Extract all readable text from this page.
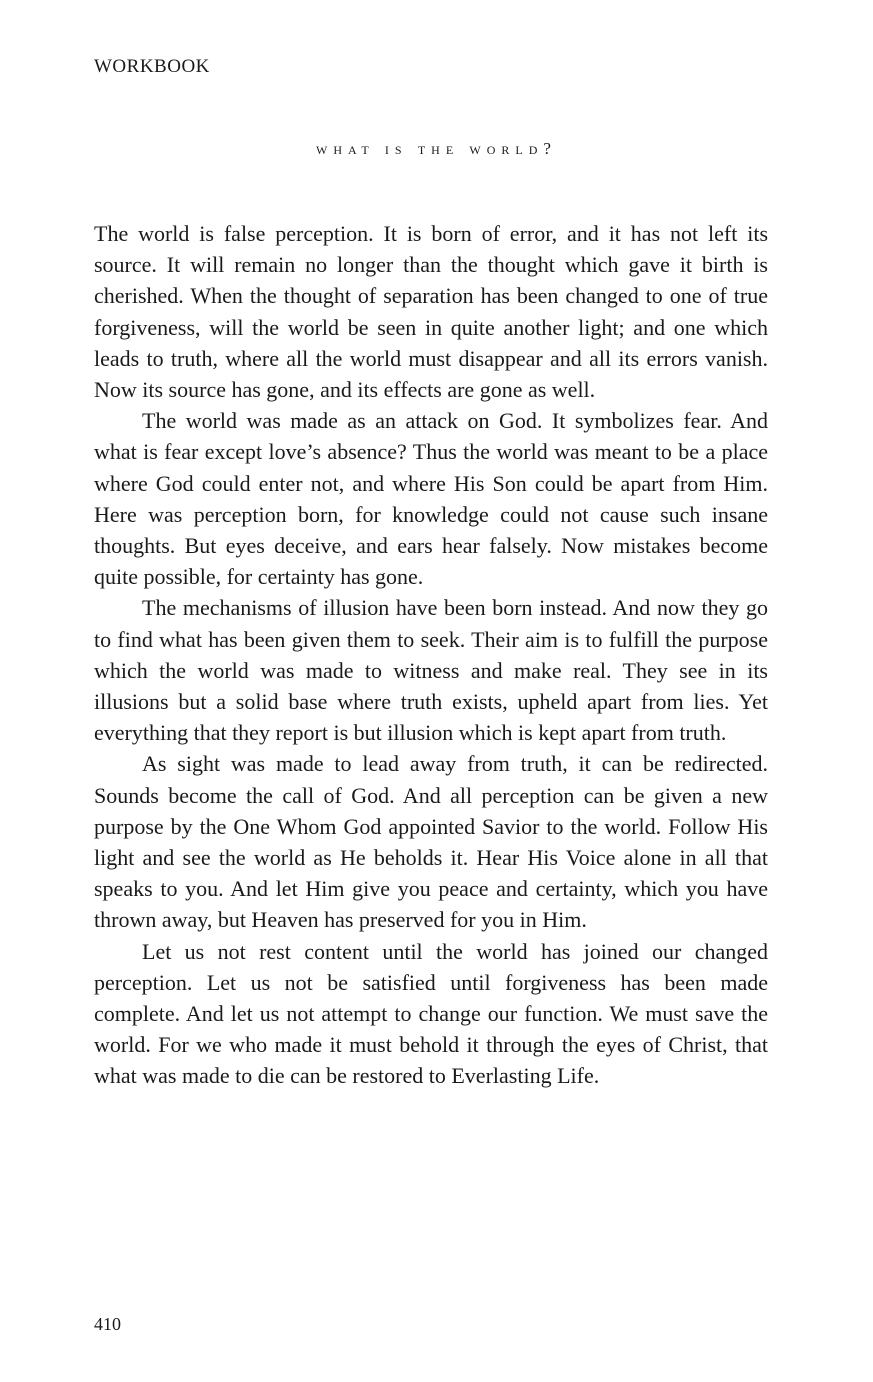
WORKBOOK
what is the world?

The world is false perception. It is born of error, and it has not left its source. It will remain no longer than the thought which gave it birth is cherished. When the thought of separation has been changed to one of true forgiveness, will the world be seen in quite another light; and one which leads to truth, where all the world must disappear and all its errors vanish. Now its source has gone, and its effects are gone as well.

The world was made as an attack on God. It symbolizes fear. And what is fear except love’s absence? Thus the world was meant to be a place where God could enter not, and where His Son could be apart from Him. Here was perception born, for knowledge could not cause such insane thoughts. But eyes deceive, and ears hear falsely. Now mistakes become quite possible, for certainty has gone.

The mechanisms of illusion have been born instead. And now they go to find what has been given them to seek. Their aim is to fulfill the purpose which the world was made to witness and make real. They see in its illusions but a solid base where truth exists, upheld apart from lies. Yet everything that they report is but illusion which is kept apart from truth.

As sight was made to lead away from truth, it can be redirected. Sounds become the call of God. And all perception can be given a new purpose by the One Whom God appointed Savior to the world. Follow His light and see the world as He beholds it. Hear His Voice alone in all that speaks to you. And let Him give you peace and certainty, which you have thrown away, but Heaven has preserved for you in Him.

Let us not rest content until the world has joined our changed perception. Let us not be satisfied until forgiveness has been made complete. And let us not attempt to change our function. We must save the world. For we who made it must behold it through the eyes of Christ, that what was made to die can be restored to Everlasting Life.

410
